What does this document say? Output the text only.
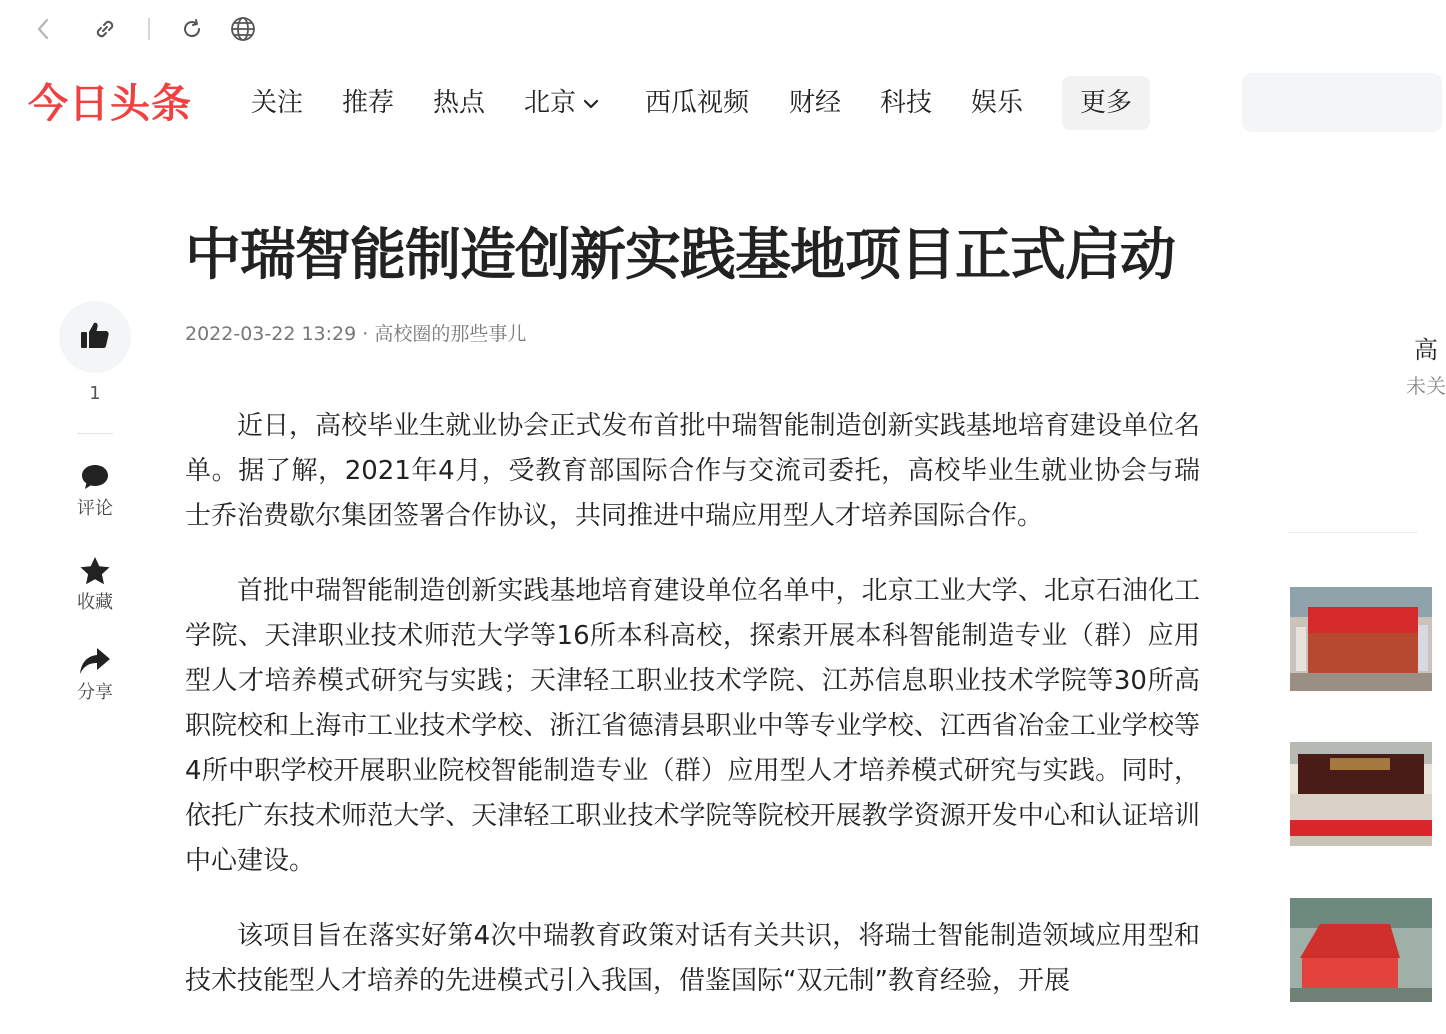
今日头条 关注 推荐 热点 北京	西瓜视频 财经 科技 娱乐	更多
1
评论
收藏
分享
中瑞智能制造创新实践基地项目正式启动
2022-03-22 13:29 · 高校圈的那些事儿

近日，高校毕业生就业协会正式发布首批中瑞智能制造创新实践基地培育建设单位名单。据了解，2021年4月，受教育部国际合作与交流司委托，高校毕业生就业协会与瑞士乔治费歇尔集团签署合作协议，共同推进中瑞应用型人才培养国际合作。

首批中瑞智能制造创新实践基地培育建设单位名单中，北京工业大学、北京石油化工学院、天津职业技术师范大学等16所本科高校，探索开展本科智能制造专业（群）应用型人才培养模式研究与实践；天津轻工职业技术学院、江苏信息职业技术学院等30所高职院校和上海市工业技术学校、浙江省德清县职业中等专业学校、江西省冶金工业学校等4所中职学校开展职业院校智能制造专业（群）应用型人才培养模式研究与实践。同时，依托广东技术师范大学、天津轻工职业技术学院等院校开展教学资源开发中心和认证培训中心建设。

该项目旨在落实好第4次中瑞教育政策对话有关共识，将瑞士智能制造领域应用型和技术技能型人才培养的先进模式引入我国，借鉴国际“双元制”教育经验，开展

高
未关
